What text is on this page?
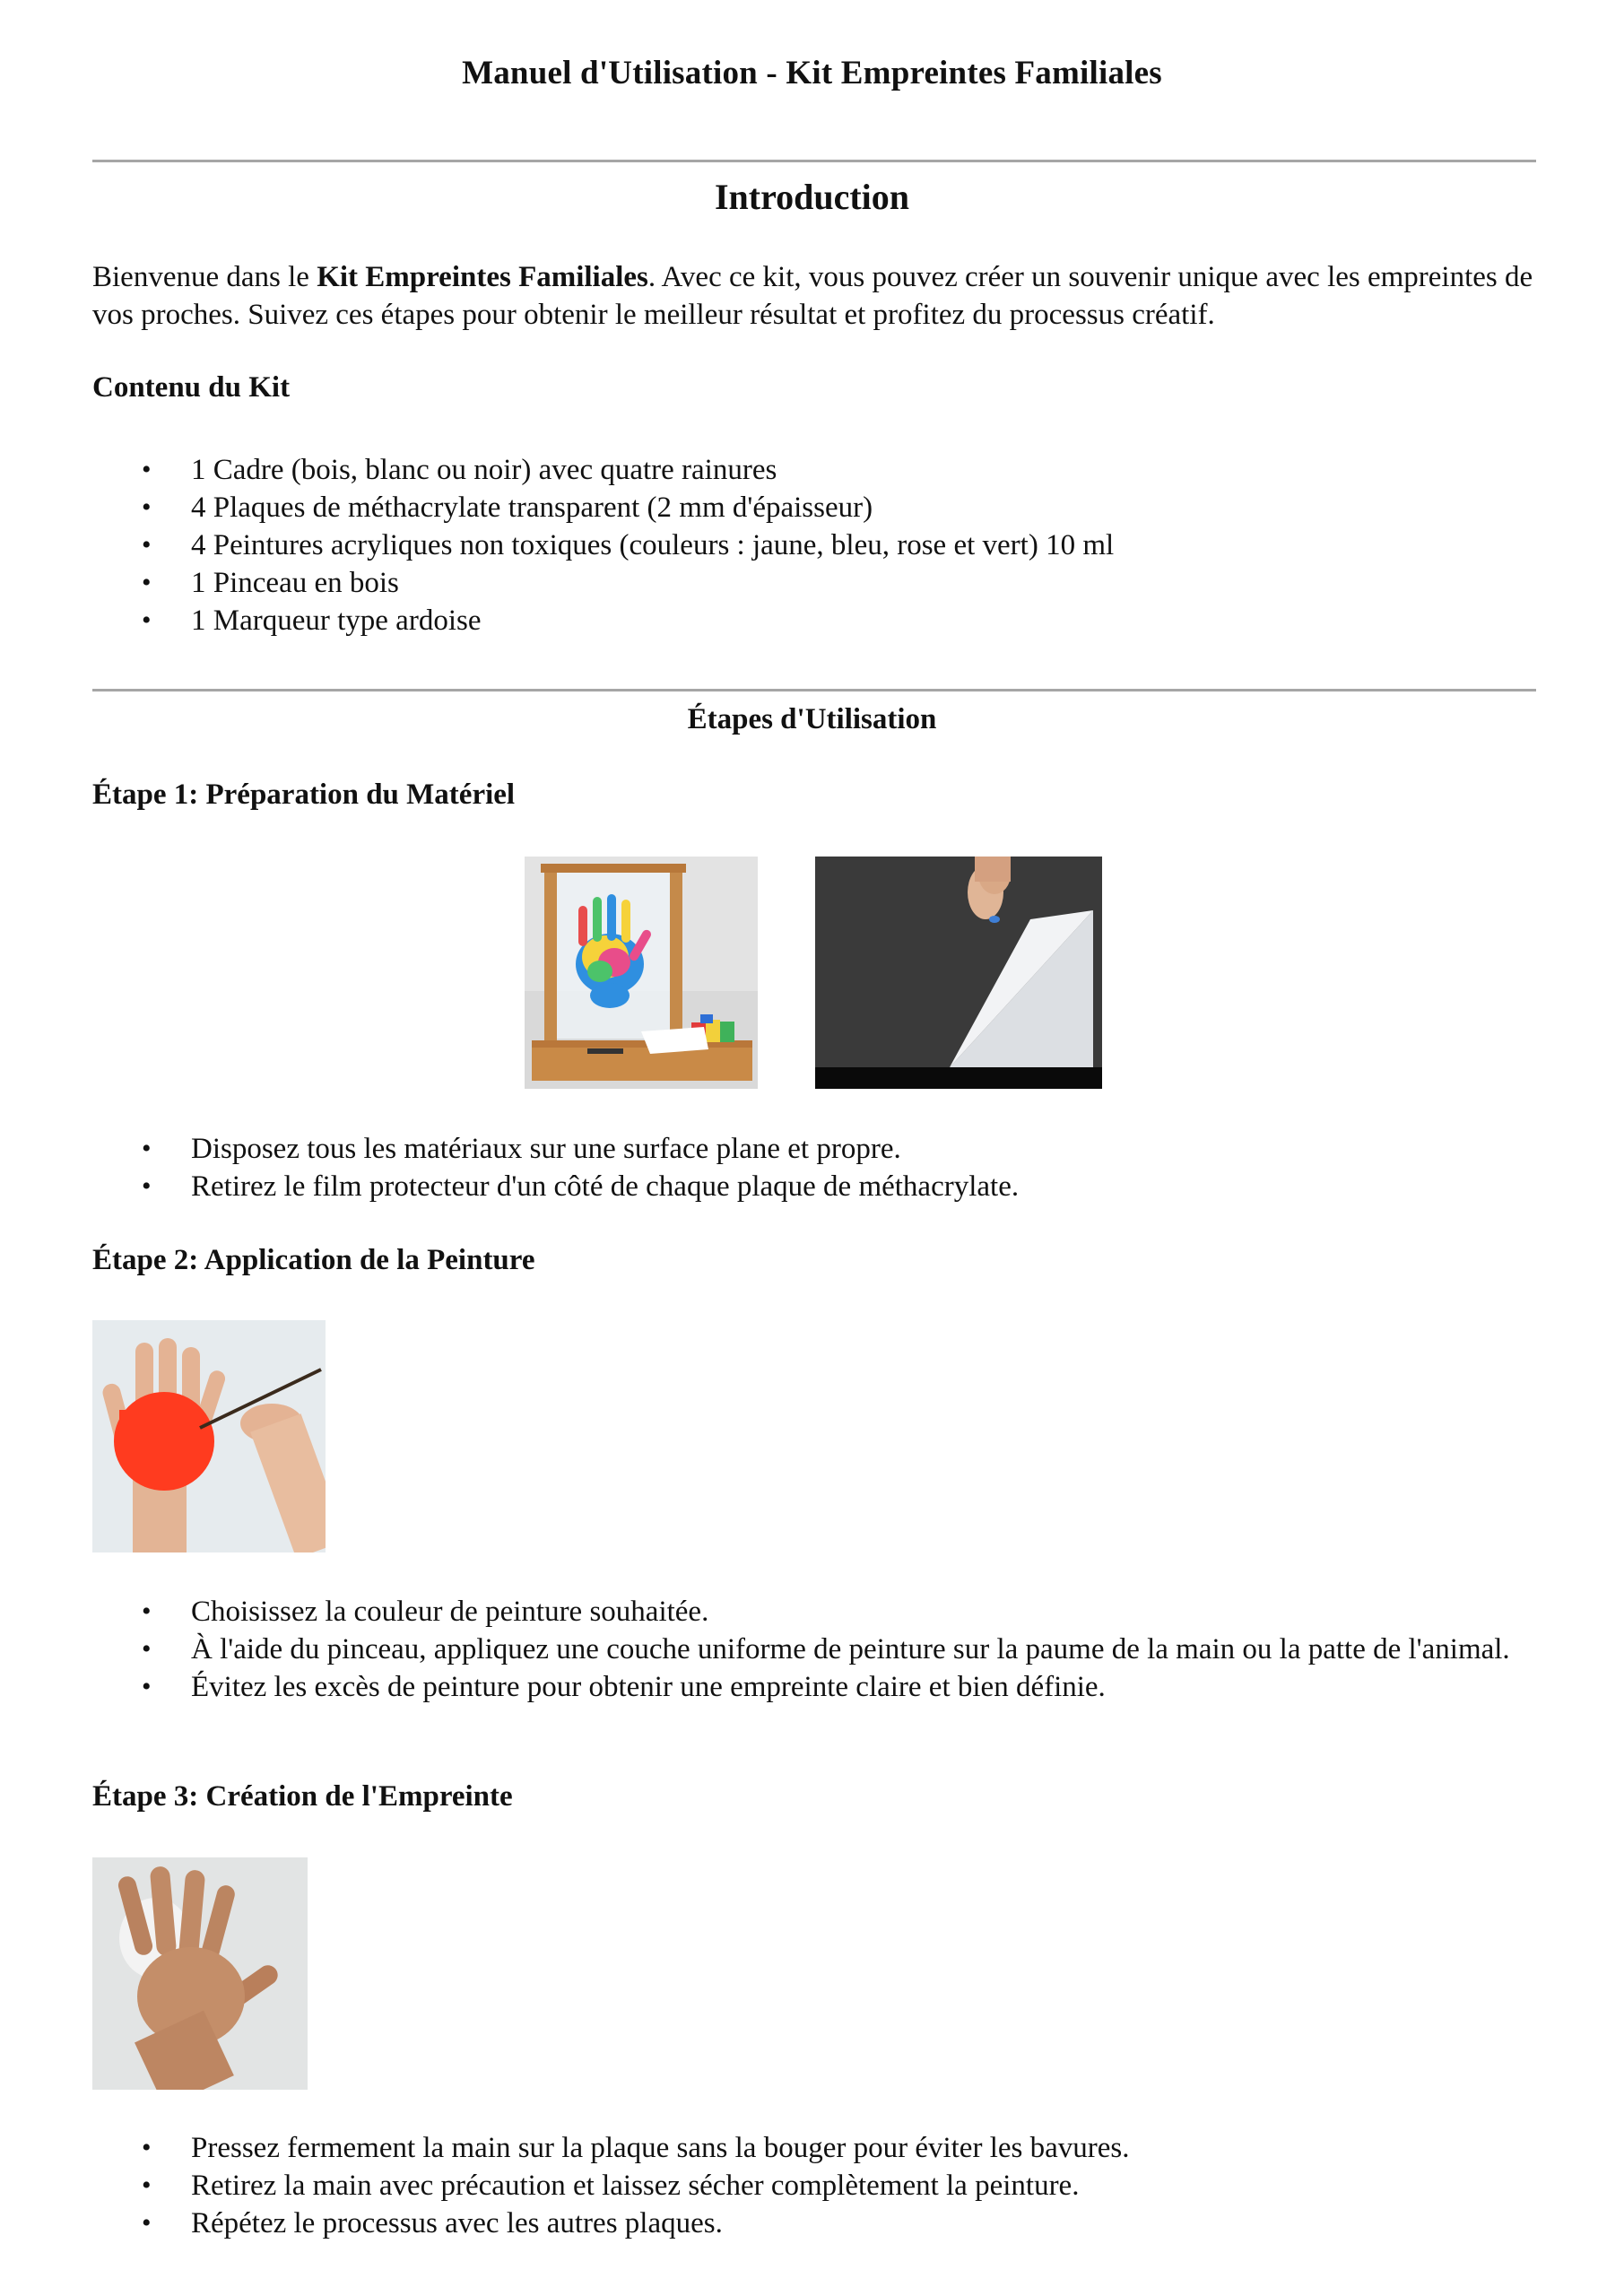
Manuel d'Utilisation - Kit Empreintes Familiales
Introduction

Bienvenue dans le Kit Empreintes Familiales. Avec ce kit, vous pouvez créer un souvenir unique avec les empreintes de vos proches. Suivez ces étapes pour obtenir le meilleur résultat et profitez du processus créatif.

Contenu du Kit
• 1 Cadre (bois, blanc ou noir) avec quatre rainures
• 4 Plaques de méthacrylate transparent (2 mm d'épaisseur)
• 4 Peintures acryliques non toxiques (couleurs : jaune, bleu, rose et vert) 10 ml
• 1 Pinceau en bois
• 1 Marqueur type ardoise
Étapes d'Utilisation
Étape 1: Préparation du Matériel
• Disposez tous les matériaux sur une surface plane et propre.
• Retirez le film protecteur d'un côté de chaque plaque de méthacrylate.
Étape 2: Application de la Peinture
• Choisissez la couleur de peinture souhaitée.
• À l'aide du pinceau, appliquez une couche uniforme de peinture sur la paume de la main ou la patte de l'animal.
• Évitez les excès de peinture pour obtenir une empreinte claire et bien définie.
Étape 3: Création de l'Empreinte
• Pressez fermement la main sur la plaque sans la bouger pour éviter les bavures.
• Retirez la main avec précaution et laissez sécher complètement la peinture.
• Répétez le processus avec les autres plaques.
